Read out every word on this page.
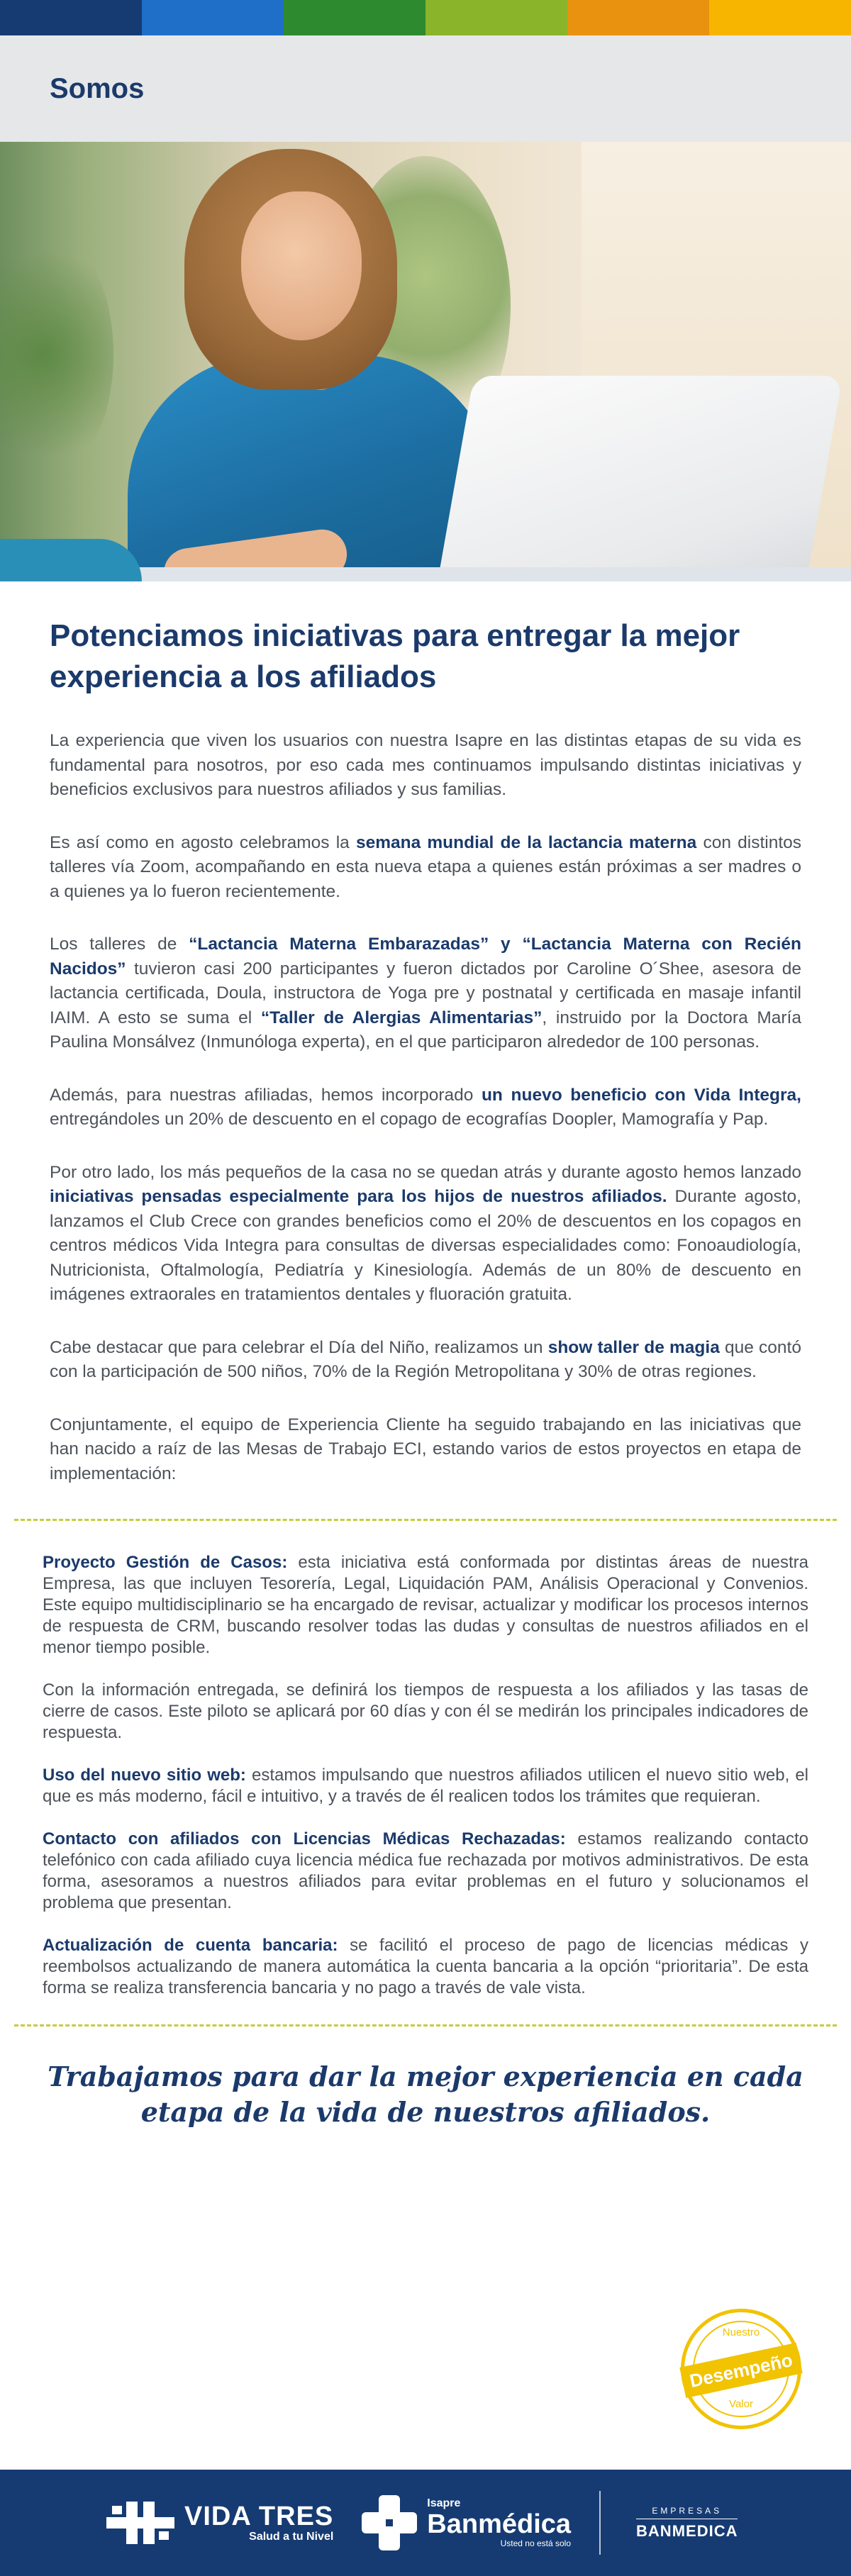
Somos
Potenciamos iniciativas para entregar la mejor experiencia a los afiliados

La experiencia que viven los usuarios con nuestra Isapre en las distintas etapas de su vida es fundamental para nosotros, por eso cada mes continuamos impulsando distintas iniciativas y beneficios exclusivos para nuestros afiliados y sus familias.

Es así como en agosto celebramos la semana mundial de la lactancia materna con distintos talleres vía Zoom, acompañando en esta nueva etapa a quienes están próximas a ser madres o a quienes ya lo fueron recientemente.

Los talleres de “Lactancia Materna Embarazadas” y “Lactancia Materna con Recién Nacidos” tuvieron casi 200 participantes y fueron dictados por Caroline O´Shee, asesora de lactancia certificada, Doula, instructora de Yoga pre y postnatal y certificada en masaje infantil IAIM. A esto se suma el “Taller de Alergias Alimentarias”, instruido por la Doctora María Paulina Monsálvez (Inmunóloga experta), en el que participaron alrededor de 100 personas.

Además, para nuestras afiliadas, hemos incorporado un nuevo beneficio con Vida Integra, entregándoles un 20% de descuento en el copago de ecografías Doopler, Mamografía y Pap.

Por otro lado, los más pequeños de la casa no se quedan atrás y durante agosto hemos lanzado iniciativas pensadas especialmente para los hijos de nuestros afiliados. Durante agosto, lanzamos el Club Crece con grandes beneficios como el 20% de descuentos en los copagos en centros médicos Vida Integra para consultas de diversas especialidades como: Fonoaudiología, Nutricionista, Oftalmología, Pediatría y Kinesiología. Además de un 80% de descuento en imágenes extraorales en tratamientos dentales y fluoración gratuita.

Cabe destacar que para celebrar el Día del Niño, realizamos un show taller de magia que contó con la participación de 500 niños, 70% de la Región Metropolitana y 30% de otras regiones.

Conjuntamente, el equipo de Experiencia Cliente ha seguido trabajando en las iniciativas que han nacido a raíz de las Mesas de Trabajo ECI, estando varios de estos proyectos en etapa de implementación:

Proyecto Gestión de Casos: esta iniciativa está conformada por distintas áreas de nuestra Empresa, las que incluyen Tesorería, Legal, Liquidación PAM, Análisis Operacional y Convenios. Este equipo multidisciplinario se ha encargado de revisar, actualizar y modificar los procesos internos de respuesta de CRM, buscando resolver todas las dudas y consultas de nuestros afiliados en el menor tiempo posible.

Con la información entregada, se definirá los tiempos de respuesta a los afiliados y las tasas de cierre de casos. Este piloto se aplicará por 60 días y con él se medirán los principales indicadores de respuesta.

Uso del nuevo sitio web: estamos impulsando que nuestros afiliados utilicen el nuevo sitio web, el que es más moderno, fácil e intuitivo, y a través de él realicen todos los trámites que requieran.

Contacto con afiliados con Licencias Médicas Rechazadas: estamos realizando contacto telefónico con cada afiliado cuya licencia médica fue rechazada por motivos administrativos. De esta forma, asesoramos a nuestros afiliados para evitar problemas en el futuro y solucionamos el problema que presentan.

Actualización de cuenta bancaria: se facilitó el proceso de pago de licencias médicas y reembolsos actualizando de manera automática la cuenta bancaria a la opción “prioritaria”. De esta forma se realiza transferencia bancaria y no pago a través de vale vista.

Trabajamos para dar la mejor experiencia en cada
etapa de la vida de nuestros afiliados.
Nuestro
Desempeño
Valor
VIDA TRES
Salud a tu Nivel
Isapre
Banmédica
Usted no está solo
EMPRESAS
BANMEDICA
